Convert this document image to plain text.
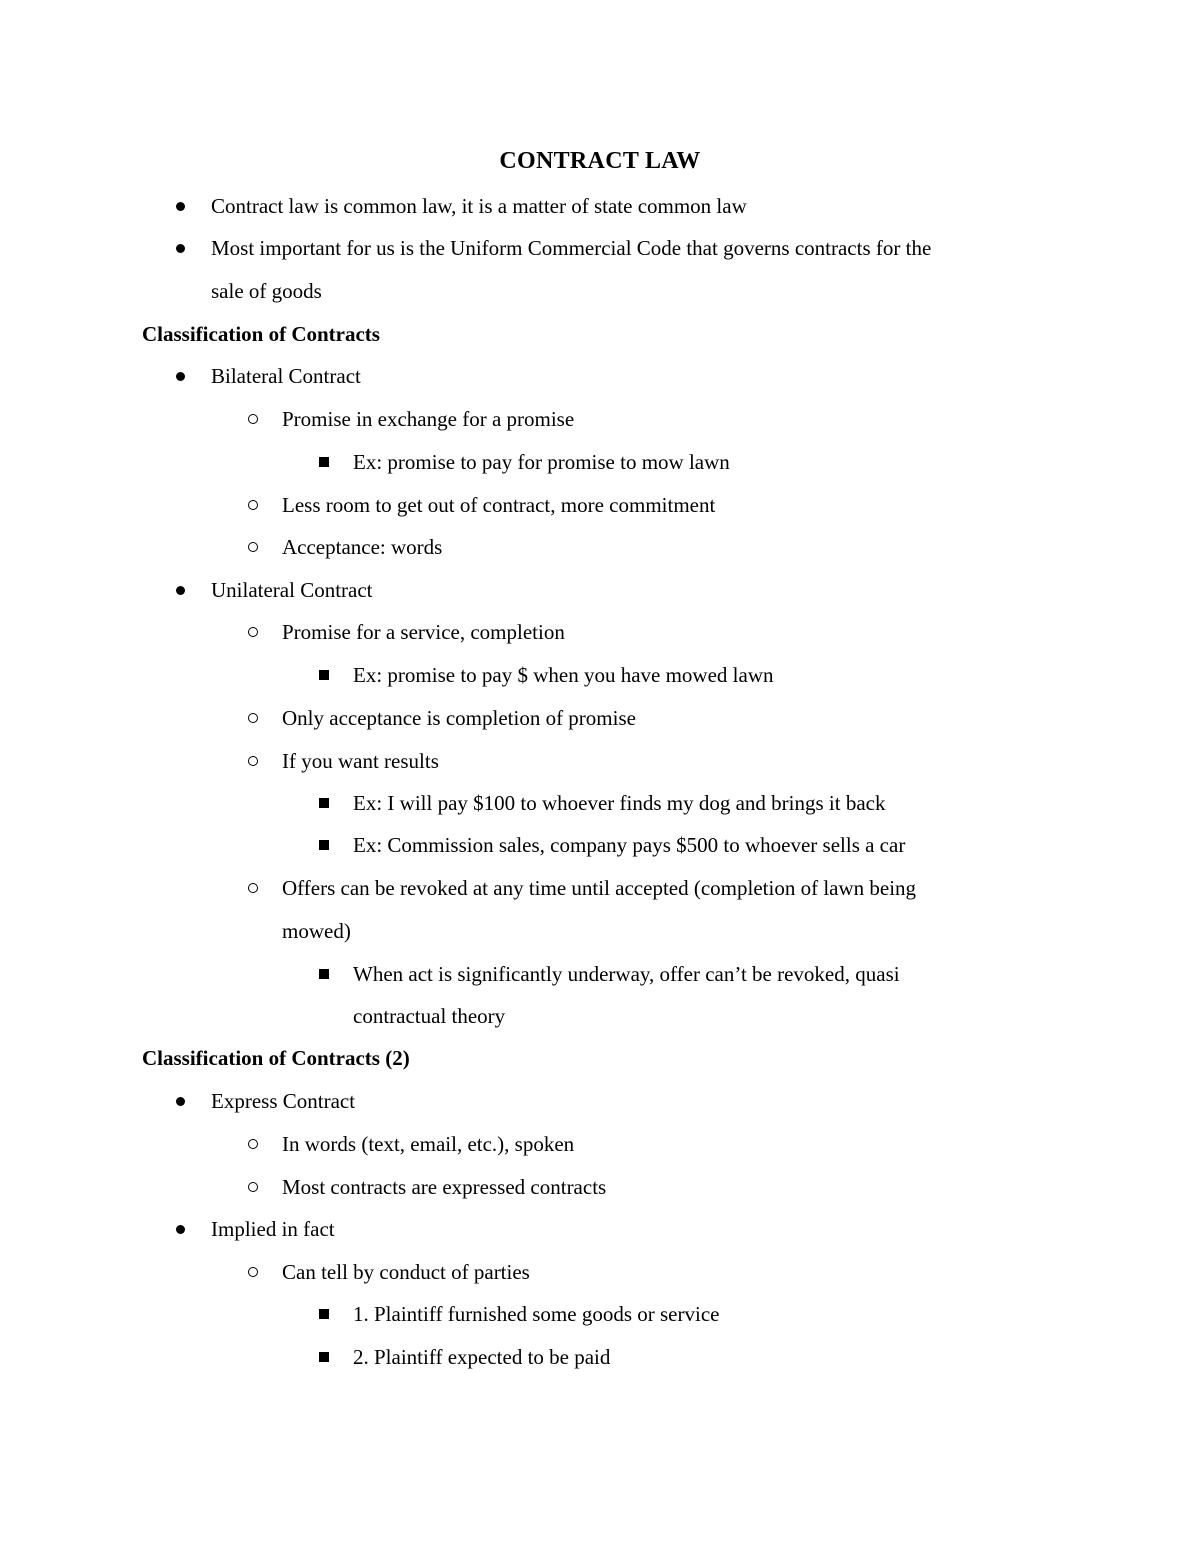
CONTRACT LAW
Contract law is common law, it is a matter of state common law
Most important for us is the Uniform Commercial Code that governs contracts for the
sale of goods
Classification of Contracts
Bilateral Contract
Promise in exchange for a promise
Ex: promise to pay for promise to mow lawn
Less room to get out of contract, more commitment
Acceptance: words
Unilateral Contract
Promise for a service, completion
Ex: promise to pay $ when you have mowed lawn
Only acceptance is completion of promise
If you want results
Ex: I will pay $100 to whoever finds my dog and brings it back
Ex: Commission sales, company pays $500 to whoever sells a car
Offers can be revoked at any time until accepted (completion of lawn being
mowed)
When act is significantly underway, offer can’t be revoked, quasi
contractual theory
Classification of Contracts (2)
Express Contract
In words (text, email, etc.), spoken
Most contracts are expressed contracts
Implied in fact
Can tell by conduct of parties
1. Plaintiff furnished some goods or service
2. Plaintiff expected to be paid
